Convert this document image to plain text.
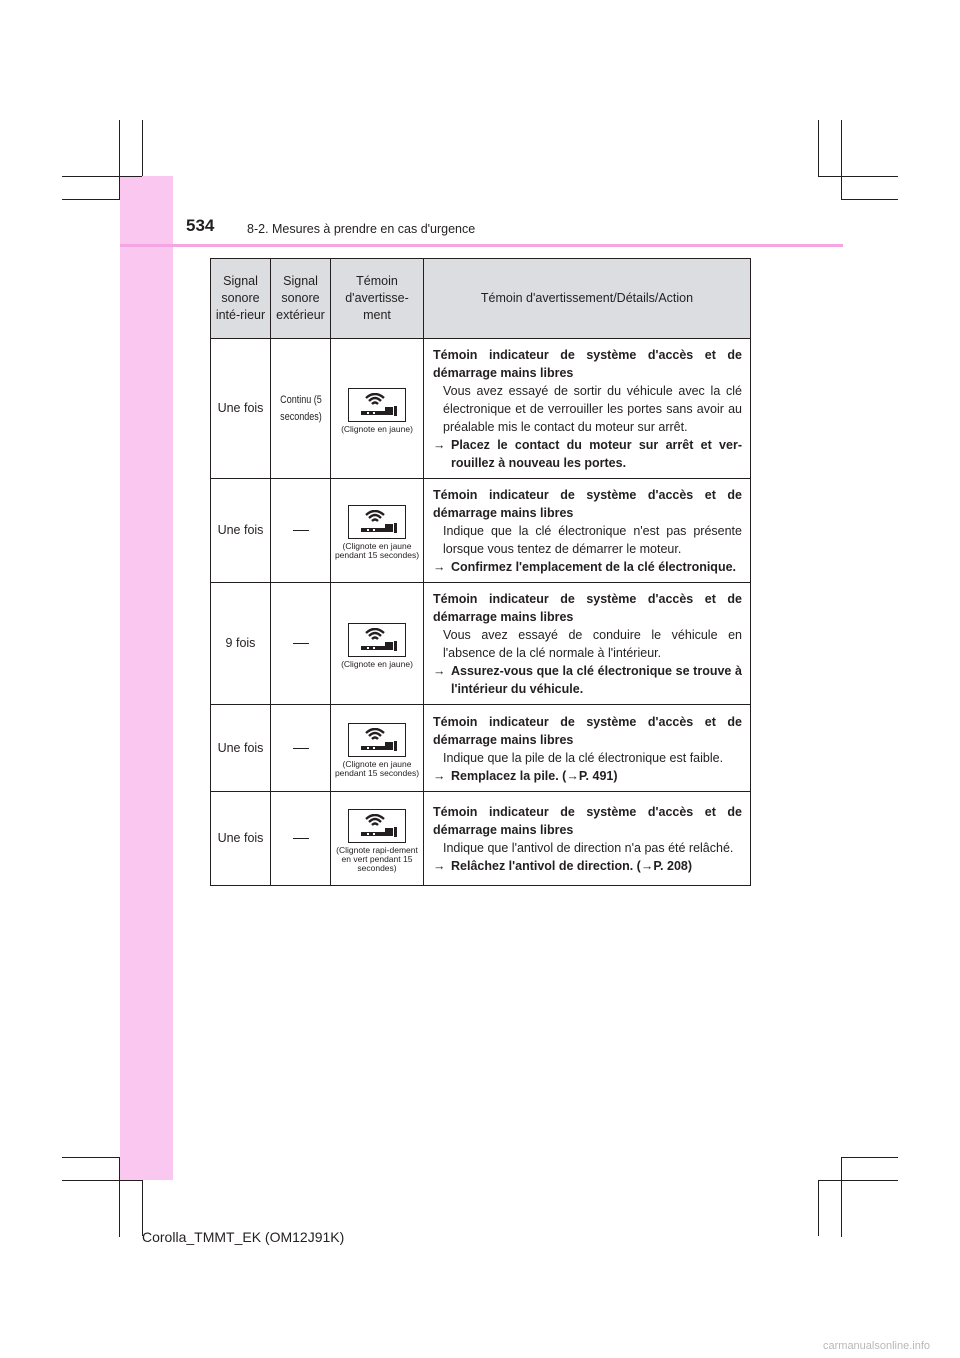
534	8-2. Mesures à prendre en cas d'urgence
Signal sonore inté-rieur	Signal sonore extérieur	Témoin d'avertisse-ment	Témoin d'avertissement/Détails/Action
Une fois	Continu (5 secondes)	(Clignote en jaune)	Témoin indicateur de système d'accès et de démarrage mains libres
Vous avez essayé de sortir du véhicule avec la clé électronique et de verrouiller les portes sans avoir au préalable mis le contact du moteur sur arrêt.
→ Placez le contact du moteur sur arrêt et ver-rouillez à nouveau les portes.

Une fois		(Clignote en jaune pendant 15 secondes)	Témoin indicateur de système d'accès et de démarrage mains libres
Indique que la clé électronique n'est pas présente lorsque vous tentez de démarrer le moteur.
→ Confirmez l'emplacement de la clé électronique.

9 fois		(Clignote en jaune)	Témoin indicateur de système d'accès et de démarrage mains libres
Vous avez essayé de conduire le véhicule en l'absence de la clé normale à l'intérieur.
→ Assurez-vous que la clé électronique se trouve à l'intérieur du véhicule.

Une fois		(Clignote en jaune pendant 15 secondes)	Témoin indicateur de système d'accès et de démarrage mains libres
Indique que la pile de la clé électronique est faible.
→ Remplacez la pile. (→P. 491)

Une fois		(Clignote rapi-dement en vert pendant 15 secondes)	Témoin indicateur de système d'accès et de démarrage mains libres
Indique que l'antivol de direction n'a pas été relâché.
→ Relâchez l'antivol de direction. (→P. 208)
Corolla_TMMT_EK (OM12J91K)
carmanualsonline.info
